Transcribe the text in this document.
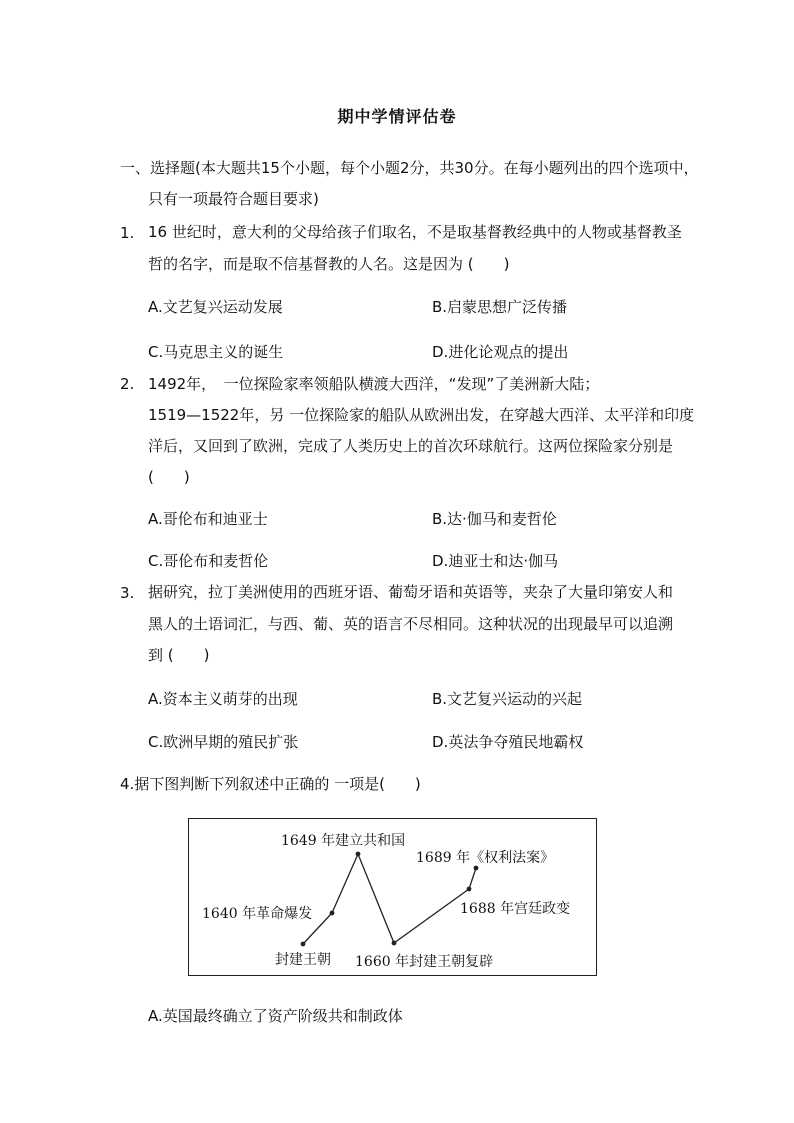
期中学情评估卷
一、选择题(本大题共15个小题，每个小题2分，共30分。在每小题列出的四个选项中，
只有一项最符合题目要求)
1. 16 世纪时，意大利的父母给孩子们取名，不是取基督教经典中的人物或基督教圣
哲的名字，而是取不信基督教的人名。这是因为 (　　)
A.文艺复兴运动发展	B.启蒙思想广泛传播
C.马克思主义的诞生	D.进化论观点的提出
2. 1492年，　一位探险家率领船队横渡大西洋，“发现”了美洲新大陆；
1519—1522年，另 一位探险家的船队从欧洲出发，在穿越大西洋、太平洋和印度
洋后，又回到了欧洲，完成了人类历史上的首次环球航行。这两位探险家分别是
(　　)
A.哥伦布和迪亚士	B.达·伽马和麦哲伦
C.哥伦布和麦哲伦	D.迪亚士和达·伽马
3. 据研究，拉丁美洲使用的西班牙语、葡萄牙语和英语等，夹杂了大量印第安人和
黑人的土语词汇，与西、葡、英的语言不尽相同。这种状况的出现最早可以追溯
到 (　　)
A.资本主义萌芽的出现	B.文艺复兴运动的兴起
C.欧洲早期的殖民扩张	D.英法争夺殖民地霸权
4.据下图判断下列叙述中正确的 一项是(　　)
封建王朝
1640 年革命爆发
1649 年建立共和国
1660 年封建王朝复辟
1688 年宫廷政变
1689 年《权利法案》
A.英国最终确立了资产阶级共和制政体
